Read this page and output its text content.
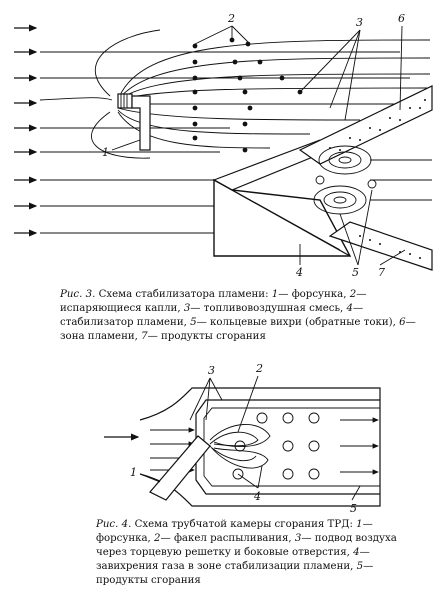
2	3	6
1
4	5 7
3	2
1
4
5

Рис. 3. Схема стабилизатора пламени: 1— форсунка, 2— испаряющиеся капли, 3— топливовоздушная смесь, 4— стабилизатор пламени, 5— кольцевые вихри (обратные токи), 6— зона пламени, 7— продукты сгорания

Рис. 4. Схема трубчатой камеры сгорания ТРД: 1— форсунка, 2— факел распыливания, 3— подвод воздуха через торцевую решетку и боковые отверстия, 4— завихрения газа в зоне стабилизации пламени, 5— продукты сгорания
